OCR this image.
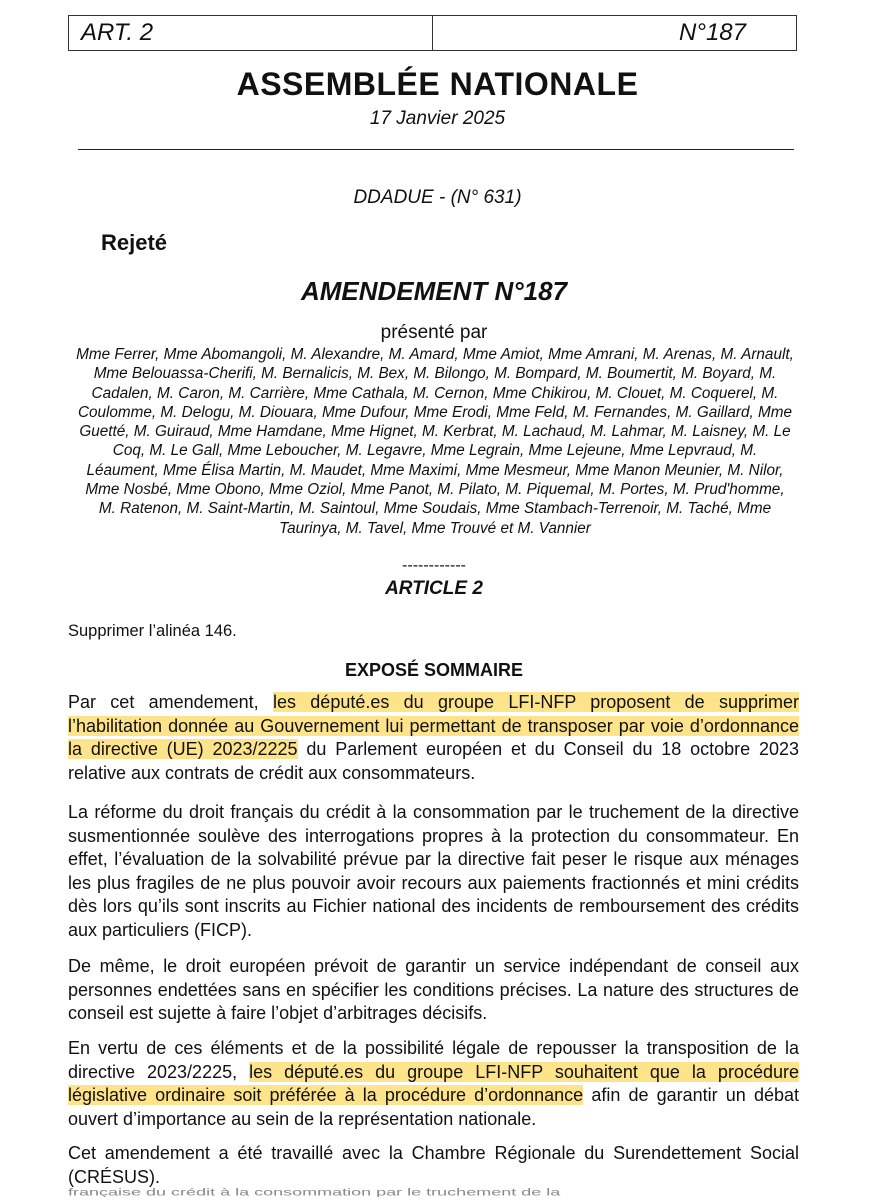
ART. 2	N°187
ASSEMBLÉE NATIONALE
17 Janvier 2025
DDADUE - (N° 631)
Rejeté
AMENDEMENT N°187
présenté par
Mme Ferrer, Mme Abomangoli, M. Alexandre, M. Amard, Mme Amiot, Mme Amrani, M. Arenas, M. Arnault, Mme Belouassa-Cherifi, M. Bernalicis, M. Bex, M. Bilongo, M. Bompard, M. Boumertit, M. Boyard, M. Cadalen, M. Caron, M. Carrière, Mme Cathala, M. Cernon, Mme Chikirou, M. Clouet, M. Coquerel, M. Coulomme, M. Delogu, M. Diouara, Mme Dufour, Mme Erodi, Mme Feld, M. Fernandes, M. Gaillard, Mme Guetté, M. Guiraud, Mme Hamdane, Mme Hignet, M. Kerbrat, M. Lachaud, M. Lahmar, M. Laisney, M. Le Coq, M. Le Gall, Mme Leboucher, M. Legavre, Mme Legrain, Mme Lejeune, Mme Lepvraud, M. Léaument, Mme Élisa Martin, M. Maudet, Mme Maximi, Mme Mesmeur, Mme Manon Meunier, M. Nilor, Mme Nosbé, Mme Obono, Mme Oziol, Mme Panot, M. Pilato, M. Piquemal, M. Portes, M. Prud'homme, M. Ratenon, M. Saint-Martin, M. Saintoul, Mme Soudais, Mme Stambach-Terrenoir, M. Taché, Mme Taurinya, M. Tavel, Mme Trouvé et M. Vannier
------------
ARTICLE 2
Supprimer l’alinéa 146.
EXPOSÉ SOMMAIRE

Par cet amendement, les député.es du groupe LFI-NFP proposent de supprimer l’habilitation donnée au Gouvernement lui permettant de transposer par voie d’ordonnance la directive (UE) 2023/2225 du Parlement européen et du Conseil du 18 octobre 2023 relative aux contrats de crédit aux consommateurs.

La réforme du droit français du crédit à la consommation par le truchement de la directive susmentionnée soulève des interrogations propres à la protection du consommateur. En effet, l’évaluation de la solvabilité prévue par la directive fait peser le risque aux ménages les plus fragiles de ne plus pouvoir avoir recours aux paiements fractionnés et mini crédits dès lors qu’ils sont inscrits au Fichier national des incidents de remboursement des crédits aux particuliers (FICP).

De même, le droit européen prévoit de garantir un service indépendant de conseil aux personnes endettées sans en spécifier les conditions précises. La nature des structures de conseil est sujette à faire l’objet d’arbitrages décisifs.

En vertu de ces éléments et de la possibilité légale de repousser la transposition de la directive 2023/2225, les député.es du groupe LFI-NFP souhaitent que la procédure législative ordinaire soit préférée à la procédure d’ordonnance afin de garantir un débat ouvert d’importance au sein de la représentation nationale.

Cet amendement a été travaillé avec la Chambre Régionale du Surendettement Social (CRÉSUS).

française du crédit à la consommation par le truchement de la
